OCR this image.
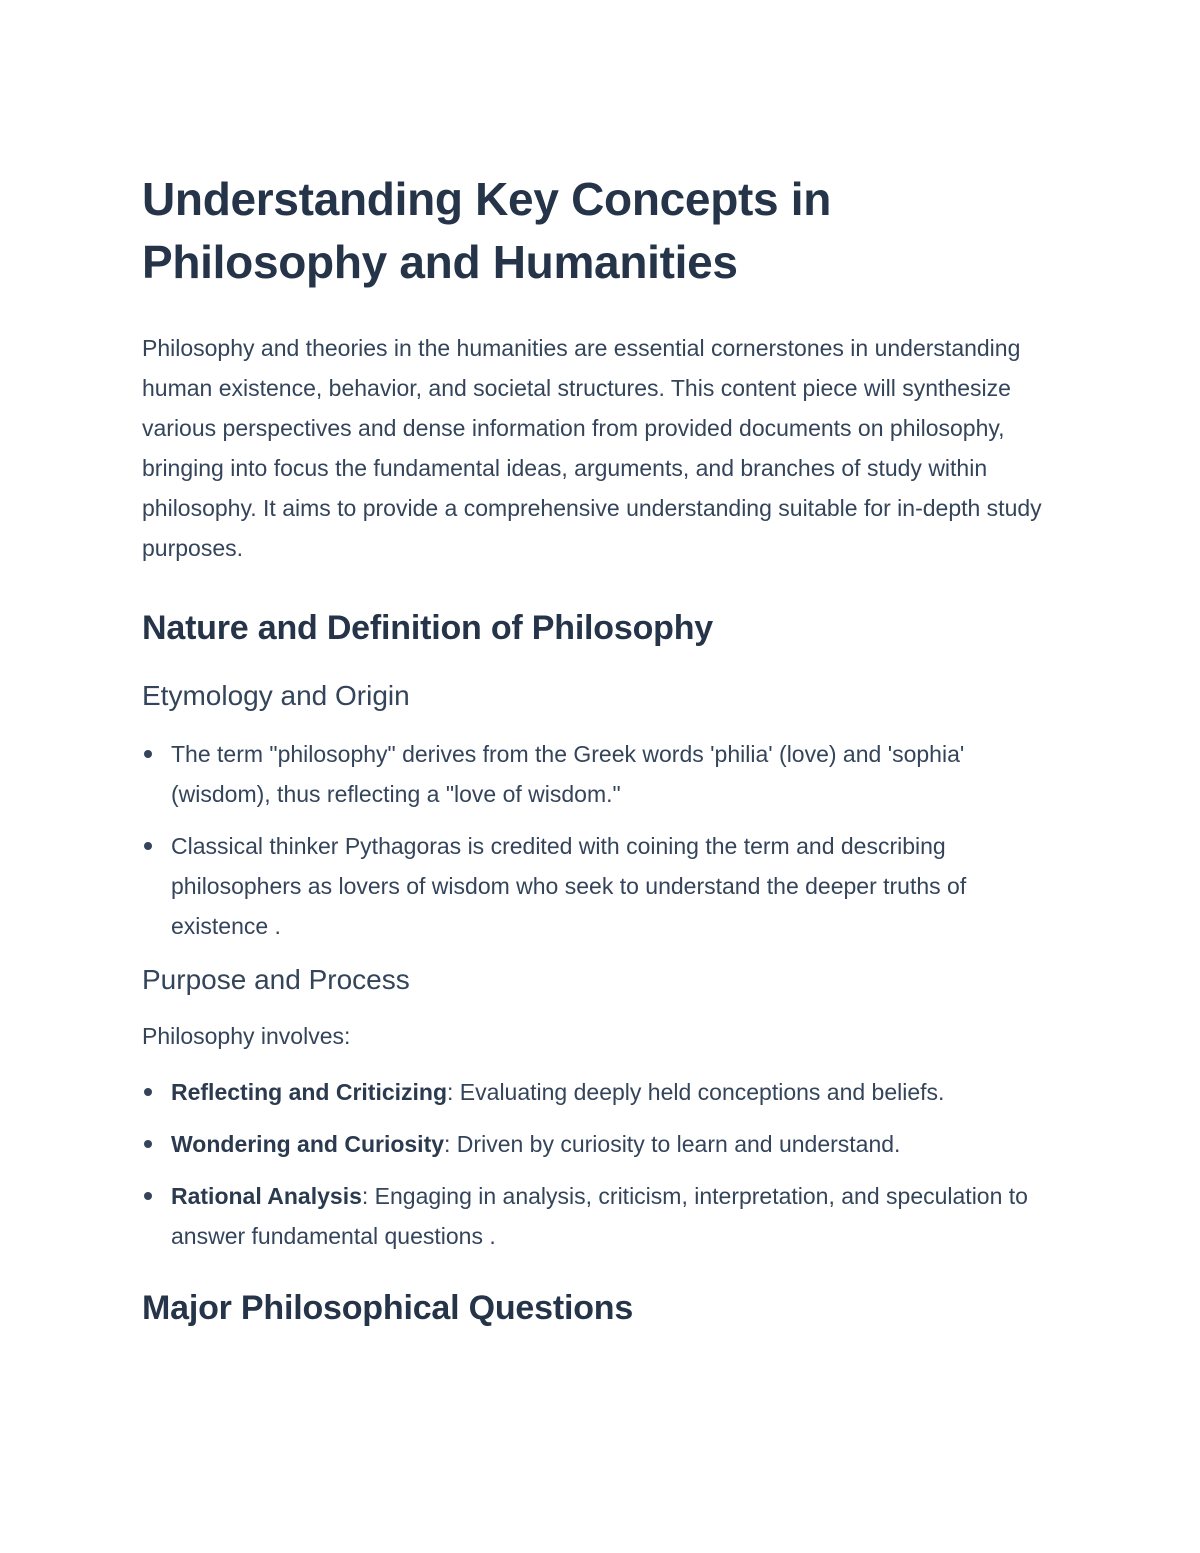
Understanding Key Concepts in Philosophy and Humanities

Philosophy and theories in the humanities are essential cornerstones in understanding human existence, behavior, and societal structures. This content piece will synthesize various perspectives and dense information from provided documents on philosophy, bringing into focus the fundamental ideas, arguments, and branches of study within philosophy. It aims to provide a comprehensive understanding suitable for in-depth study purposes.

Nature and Definition of Philosophy
Etymology and Origin
The term "philosophy" derives from the Greek words 'philia' (love) and 'sophia' (wisdom), thus reflecting a "love of wisdom."
Classical thinker Pythagoras is credited with coining the term and describing philosophers as lovers of wisdom who seek to understand the deeper truths of existence .
Purpose and Process

Philosophy involves:

Reflecting and Criticizing: Evaluating deeply held conceptions and beliefs.
Wondering and Curiosity: Driven by curiosity to learn and understand.
Rational Analysis: Engaging in analysis, criticism, interpretation, and speculation to answer fundamental questions .
Major Philosophical Questions
